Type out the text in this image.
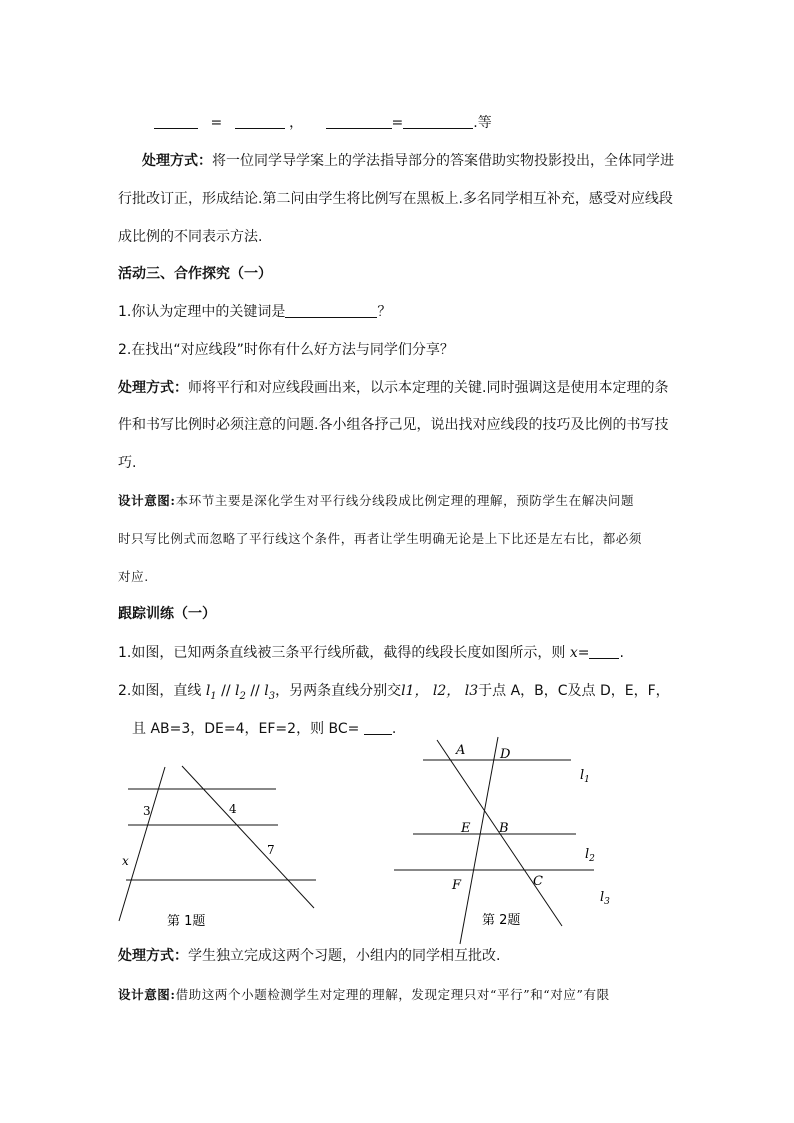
=	，	=	.等
处理方式：将一位同学导学案上的学法指导部分的答案借助实物投影投出，全体同学进
行批改订正，形成结论.第二问由学生将比例写在黑板上.多名同学相互补充，感受对应线段
成比例的不同表示方法.
活动三、合作探究（一）
1.你认为定理中的关键词是	？
2.在找出“对应线段”时你有什么好方法与同学们分享？
处理方式：师将平行和对应线段画出来，以示本定理的关键.同时强调这是使用本定理的条
件和书写比例时必须注意的问题.各小组各抒己见，说出找对应线段的技巧及比例的书写技
巧.
设计意图:本环节主要是深化学生对平行线分线段成比例定理的理解，预防学生在解决问题
时只写比例式而忽略了平行线这个条件，再者让学生明确无论是上下比还是左右比，都必须
对应.
跟踪训练（一）
1.如图，已知两条直线被三条平行线所截，截得的线段长度如图所示，则 x= .
2.如图，直线 $l_1 // l_2 // l_3$，另两条直线分别交l1， l2， l3于点 A，B，C及点 D，E，F，
且 AB=3，DE=4，EF=2，则 BC= .
3	4
7
x
第 1题
A	D
E B
F	C
$l_1$
$l_2$
$l_3$
第 2题
处理方式：学生独立完成这两个习题，小组内的同学相互批改.
设计意图:借助这两个小题检测学生对定理的理解，发现定理只对“平行”和“对应”有限
